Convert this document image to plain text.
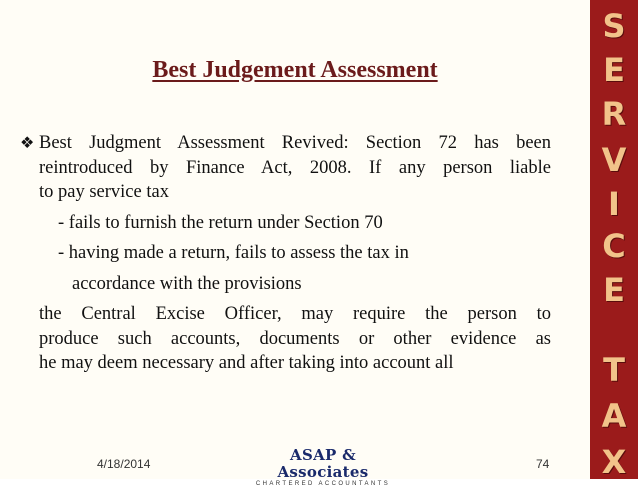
Best Judgement Assessment
❖ Best Judgment Assessment Revived: Section 72 has been
reintroduced by Finance Act, 2008. If any person liable
to pay service tax
- fails to furnish the return under Section 70
- having made a return, fails to assess the tax in
accordance with the provisions
the Central Excise Officer, may require the person to
produce such accounts, documents or other evidence as
he may deem necessary and after taking into account all
4/18/2014	ASAP & Associates
CHARTERED ACCOUNTANTS
74
S
E
R
V
I
C
E
T
A
X
